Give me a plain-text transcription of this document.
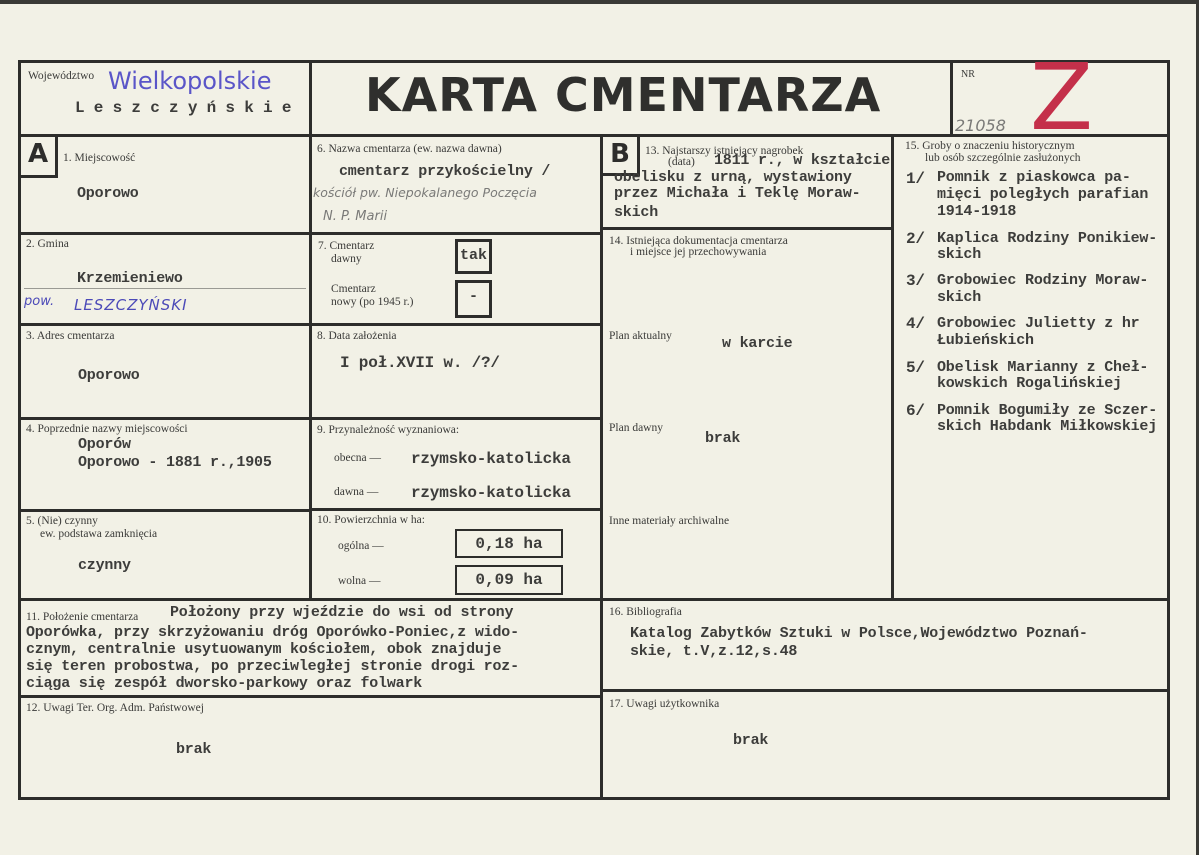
Województwo Wielkopolskie
L e s z c z y ń s k i e KARTA CMENTARZA	NR
21058 Z
A	1. Miejscowość
Oporowo
2. Gmina
Krzemieniewo
pow. LESZCZYŃSKI
3. Adres cmentarza
Oporowo
4. Poprzednie nazwy miejscowości
Oporów
Oporowo - 1881 r.,1905
5. (Nie) czynny
ew. podstawa zamknięcia
czynny
6. Nazwa cmentarza (ew. nazwa dawna)
cmentarz przykościelny /
kościół pw. Niepokalanego Poczęcia
N. P. Marii
7. Cmentarz
dawny	tak
Cmentarz
nowy (po 1945 r.)	-
8. Data założenia
I poł.XVII w. /?/
9. Przynależność wyznaniowa:
obecna — rzymsko-katolicka
dawna — rzymsko-katolicka
10. Powierzchnia w ha:
ogólna —	0,18 ha
wolna —	0,09 ha
B	13. Najstarszy istniejący nagrobek
(data) 1811 r., w kształcie
obelisku z urną, wystawiony
przez Michała i Teklę Moraw-
skich
14. Istniejąca dokumentacja cmentarza
i miejsce jej przechowywania
Plan aktualny	w karcie
Plan dawny
brak
Inne materiały archiwalne
15. Groby o znaczeniu historycznym
lub osób szczególnie zasłużonych
1/ Pomnik z piaskowca pa-
mięci poległych parafian
1914-1918
2/ Kaplica Rodziny Ponikiew-
skich
3/ Grobowiec Rodziny Moraw-
skich
4/ Grobowiec Julietty z hr
Łubieńskich
5/ Obelisk Marianny z Cheł-
kowskich Rogalińskiej
6/ Pomnik Bogumiły ze Sczer-
skich Habdank Miłkowskiej
11. Położenie cmentarza Położony przy wjeździe do wsi od strony
Oporówka, przy skrzyżowaniu dróg Oporówko-Poniec,z wido-
cznym, centralnie usytuowanym kościołem, obok znajduje
się teren probostwa, po przeciwległej stronie drogi roz-
ciąga się zespół dworsko-parkowy oraz folwark
12. Uwagi Ter. Org. Adm. Państwowej
brak
16. Bibliografia
Katalog Zabytków Sztuki w Polsce,Województwo Poznań-
skie, t.V,z.12,s.48
17. Uwagi użytkownika
brak
